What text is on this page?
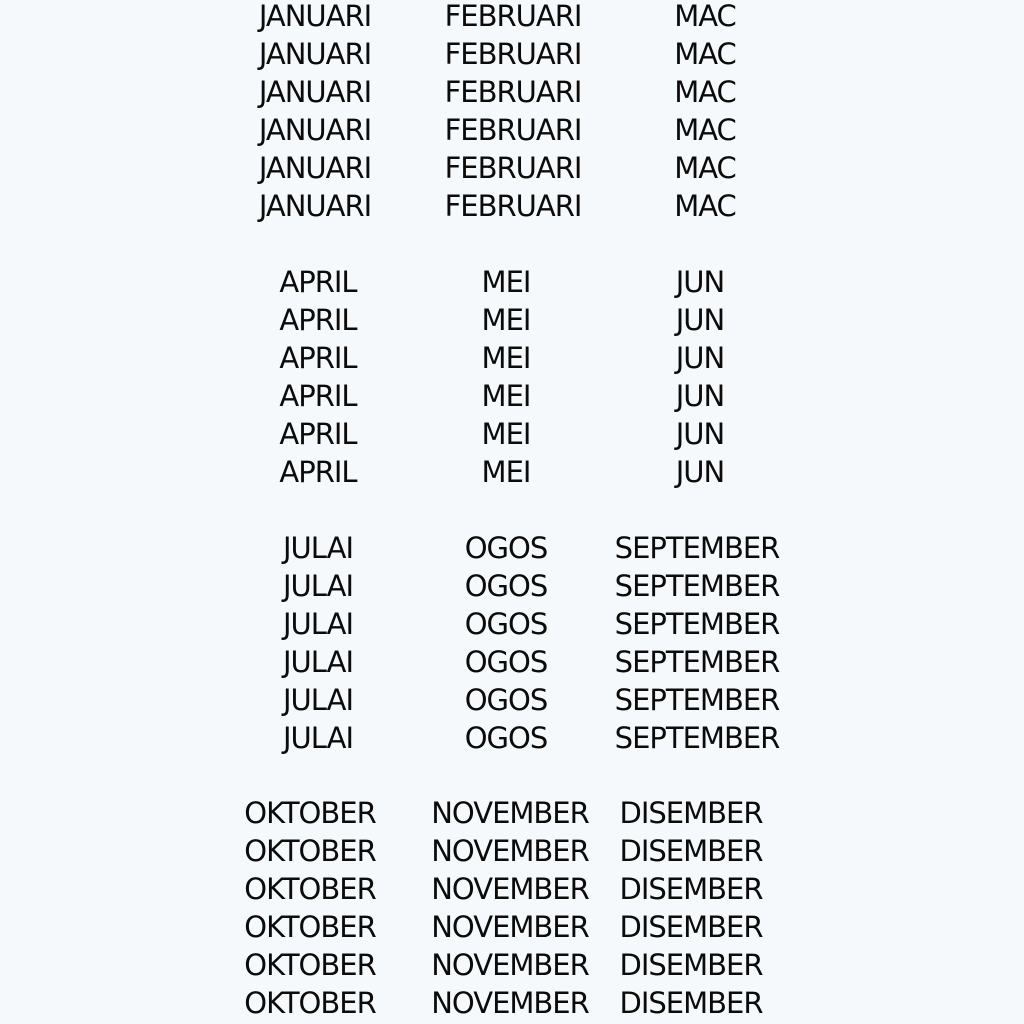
JANUARI	FEBRUARI	MAC
JANUARI	FEBRUARI	MAC
JANUARI	FEBRUARI	MAC
JANUARI	FEBRUARI	MAC
JANUARI	FEBRUARI	MAC
JANUARI	FEBRUARI	MAC
APRIL	MEI	JUN
APRIL	MEI	JUN
APRIL	MEI	JUN
APRIL	MEI	JUN
APRIL	MEI	JUN
APRIL	MEI	JUN
JULAI	OGOS SEPTEMBER
JULAI	OGOS SEPTEMBER
JULAI	OGOS SEPTEMBER
JULAI	OGOS SEPTEMBER
JULAI	OGOS SEPTEMBER
JULAI	OGOS SEPTEMBER
OKTOBER NOVEMBER DISEMBER
OKTOBER NOVEMBER DISEMBER
OKTOBER NOVEMBER DISEMBER
OKTOBER NOVEMBER DISEMBER
OKTOBER NOVEMBER DISEMBER
OKTOBER NOVEMBER DISEMBER
